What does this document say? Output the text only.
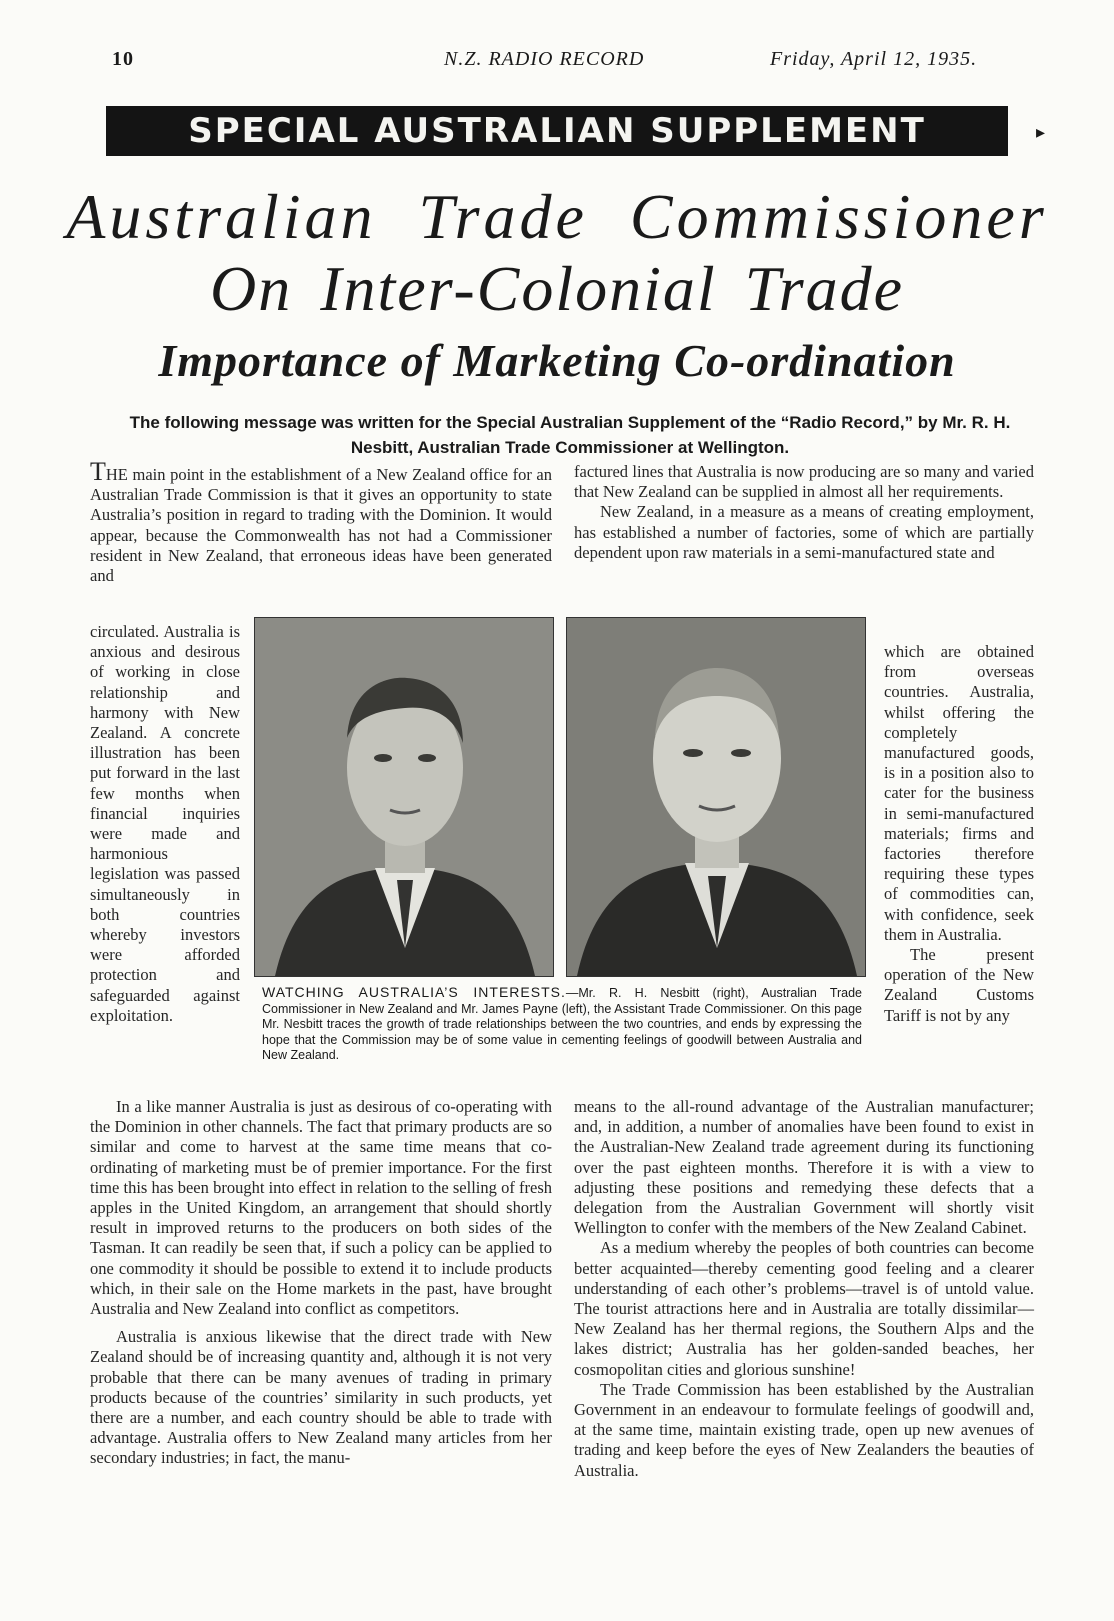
10	N.Z. RADIO RECORD	Friday, April 12, 1935.
SPECIAL AUSTRALIAN SUPPLEMENT	▸
Australian Trade Commissioner
On Inter-Colonial Trade
Importance of Marketing Co-ordination
The following message was written for the Special Australian Supplement of the “Radio Record,” by Mr. R. H. Nesbitt, Australian Trade Commissioner at Wellington.

THE main point in the establishment of a New Zealand office for an Australian Trade Commission is that it gives an opportunity to state Australia’s position in regard to trading with the Dominion. It would appear, because the Commonwealth has not had a Commissioner resident in New Zealand, that erroneous ideas have been generated and

circulated. Australia is anxious and desirous of working in close relationship and harmony with New Zealand. A concrete illustration has been put forward in the last few months when financial inquiries were made and harmonious legislation was passed simultaneously in both countries whereby investors were afforded protection and safeguarded against exploitation.

factured lines that Australia is now producing are so many and varied that New Zealand can be supplied in almost all her requirements.

New Zealand, in a measure as a means of creating employment, has established a number of factories, some of which are partially dependent upon raw materials in a semi-manufactured state and

which are obtained from overseas countries. Australia, whilst offering the completely manufactured goods, is in a position also to cater for the business in semi-manufactured materials; firms and factories therefore requiring these types of commodities can, with confidence, seek them in Australia.

The present operation of the New Zealand Customs Tariff is not by any

WATCHING AUSTRALIA’S INTERESTS.—Mr. R. H. Nesbitt (right), Australian Trade Commissioner in New Zealand and Mr. James Payne (left), the Assistant Trade Commissioner. On this page Mr. Nesbitt traces the growth of trade relationships between the two countries, and ends by expressing the hope that the Commission may be of some value in cementing feelings of goodwill between Australia and New Zealand.

In a like manner Australia is just as desirous of co-operating with the Dominion in other channels. The fact that primary products are so similar and come to harvest at the same time means that co-ordinating of marketing must be of premier importance. For the first time this has been brought into effect in relation to the selling of fresh apples in the United Kingdom, an arrangement that should shortly result in improved returns to the producers on both sides of the Tasman. It can readily be seen that, if such a policy can be applied to one commodity it should be possible to extend it to include products which, in their sale on the Home markets in the past, have brought Australia and New Zealand into conflict as competitors.

Australia is anxious likewise that the direct trade with New Zealand should be of increasing quantity and, although it is not very probable that there can be many avenues of trading in primary products because of the countries’ similarity in such products, yet there are a number, and each country should be able to trade with advantage. Australia offers to New Zealand many articles from her secondary industries; in fact, the manu-

means to the all-round advantage of the Australian manufacturer; and, in addition, a number of anomalies have been found to exist in the Australian-New Zealand trade agreement during its functioning over the past eighteen months. Therefore it is with a view to adjusting these positions and remedying these defects that a delegation from the Australian Government will shortly visit Wellington to confer with the members of the New Zealand Cabinet.

As a medium whereby the peoples of both countries can become better acquainted—thereby cementing good feeling and a clearer understanding of each other’s problems—travel is of untold value. The tourist attractions here and in Australia are totally dissimilar—New Zealand has her thermal regions, the Southern Alps and the lakes district; Australia has her golden-sanded beaches, her cosmopolitan cities and glorious sunshine!

The Trade Commission has been established by the Australian Government in an endeavour to formulate feelings of goodwill and, at the same time, maintain existing trade, open up new avenues of trading and keep before the eyes of New Zealanders the beauties of Australia.
